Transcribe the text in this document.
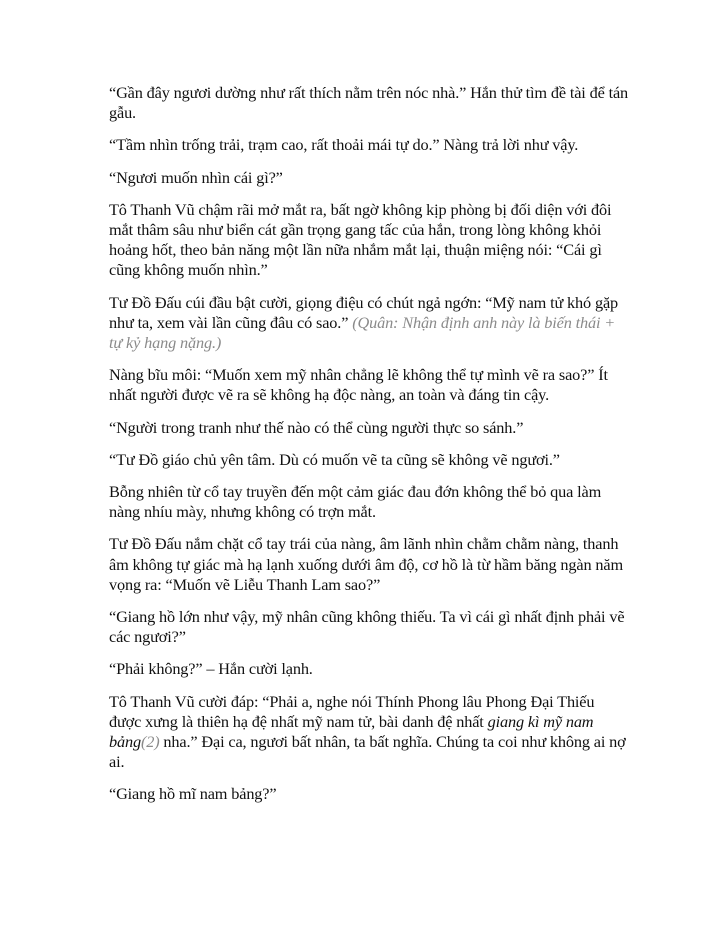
“Gần đây ngươi dường như rất thích nằm trên nóc nhà.” Hắn thử tìm đề tài để tán gẫu.

“Tầm nhìn trống trải, trạm cao, rất thoải mái tự do.” Nàng trả lời như vậy.

“Ngươi muốn nhìn cái gì?”

Tô Thanh Vũ chậm rãi mở mắt ra, bất ngờ không kịp phòng bị đối diện với đôi mắt thâm sâu như biển cát gần trọng gang tấc của hắn, trong lòng không khỏi hoảng hốt, theo bản năng một lần nữa nhắm mắt lại, thuận miệng nói: “Cái gì cũng không muốn nhìn.”

Tư Đồ Đấu cúi đầu bật cười, giọng điệu có chút ngả ngớn: “Mỹ nam tử khó gặp như ta, xem vài lần cũng đâu có sao.” (Quân: Nhận định anh này là biến thái + tự kỷ hạng nặng.)

Nàng bĩu môi: “Muốn xem mỹ nhân chẳng lẽ không thể tự mình vẽ ra sao?” Ít nhất người được vẽ ra sẽ không hạ độc nàng, an toàn và đáng tin cậy.

“Người trong tranh như thế nào có thể cùng người thực so sánh.”

“Tư Đồ giáo chủ yên tâm. Dù có muốn vẽ ta cũng sẽ không vẽ ngươi.”

Bỗng nhiên từ cổ tay truyền đến một cảm giác đau đớn không thể bỏ qua làm nàng nhíu mày, nhưng không có trợn mắt.

Tư Đồ Đấu nắm chặt cổ tay trái của nàng, âm lãnh nhìn chằm chằm nàng, thanh âm không tự giác mà hạ lạnh xuống dưới âm độ, cơ hồ là từ hầm băng ngàn năm vọng ra: “Muốn vẽ Liễu Thanh Lam sao?”

“Giang hồ lớn như vậy, mỹ nhân cũng không thiếu. Ta vì cái gì nhất định phải vẽ các ngươi?”

“Phải không?” – Hắn cười lạnh.

Tô Thanh Vũ cười đáp: “Phải a, nghe nói Thính Phong lâu Phong Đại Thiếu được xưng là thiên hạ đệ nhất mỹ nam tử, bài danh đệ nhất giang kì mỹ nam bảng(2) nha.” Đại ca, ngươi bất nhân, ta bất nghĩa. Chúng ta coi như không ai nợ ai.

“Giang hồ mĩ nam bảng?”
